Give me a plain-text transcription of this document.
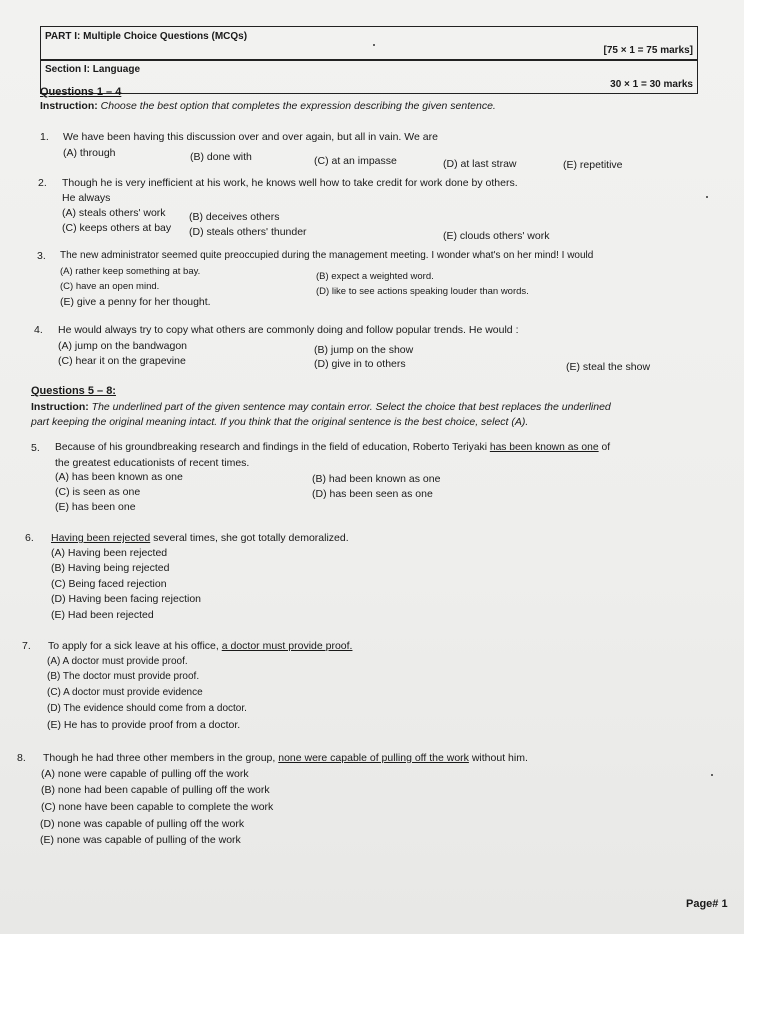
PART I: Multiple Choice Questions (MCQs)
[75 × 1 = 75 marks]
Section I: Language
30 × 1 = 30 marks
Questions 1 – 4
Instruction: Choose the best option that completes the expression describing the given sentence.
1. We have been having this discussion over and over again, but all in vain. We are
(A) through	(B) done with	(C) at an impasse	(D) at last straw	(E) repetitive
2. Though he is very inefficient at his work, he knows well how to take credit for work done by others.
He always
(A) steals others' work (B) deceives others
(C) keeps others at bay (D) steals others' thunder	(E) clouds others' work
3. The new administrator seemed quite preoccupied during the management meeting. I wonder what's on her mind! I would
(A) rather keep something at bay.	(B) expect a weighted word.
(C) have an open mind.	(D) like to see actions speaking louder than words.
(E) give a penny for her thought.
4. He would always try to copy what others are commonly doing and follow popular trends. He would :
(A) jump on the bandwagon	(B) jump on the show
(C) hear it on the grapevine	(D) give in to others	(E) steal the show
Questions 5 – 8:
Instruction: The underlined part of the given sentence may contain error. Select the choice that best replaces the underlined
part keeping the original meaning intact. If you think that the original sentence is the best choice, select (A).
5. Because of his groundbreaking research and findings in the field of education, Roberto Teriyaki has been known as one of
the greatest educationists of recent times.
(A) has been known as one	(B) had been known as one
(C) is seen as one	(D) has been seen as one
(E) has been one
6. Having been rejected several times, she got totally demoralized.
(A) Having been rejected
(B) Having being rejected
(C) Being faced rejection
(D) Having been facing rejection
(E) Had been rejected
7. To apply for a sick leave at his office, a doctor must provide proof.
(A) A doctor must provide proof.
(B) The doctor must provide proof.
(C) A doctor must provide evidence
(D) The evidence should come from a doctor.
(E) He has to provide proof from a doctor.
8. Though he had three other members in the group, none were capable of pulling off the work without him.
(A) none were capable of pulling off the work
(B) none had been capable of pulling off the work
(C) none have been capable to complete the work
(D) none was capable of pulling off the work
(E) none was capable of pulling of the work
Page# 1
